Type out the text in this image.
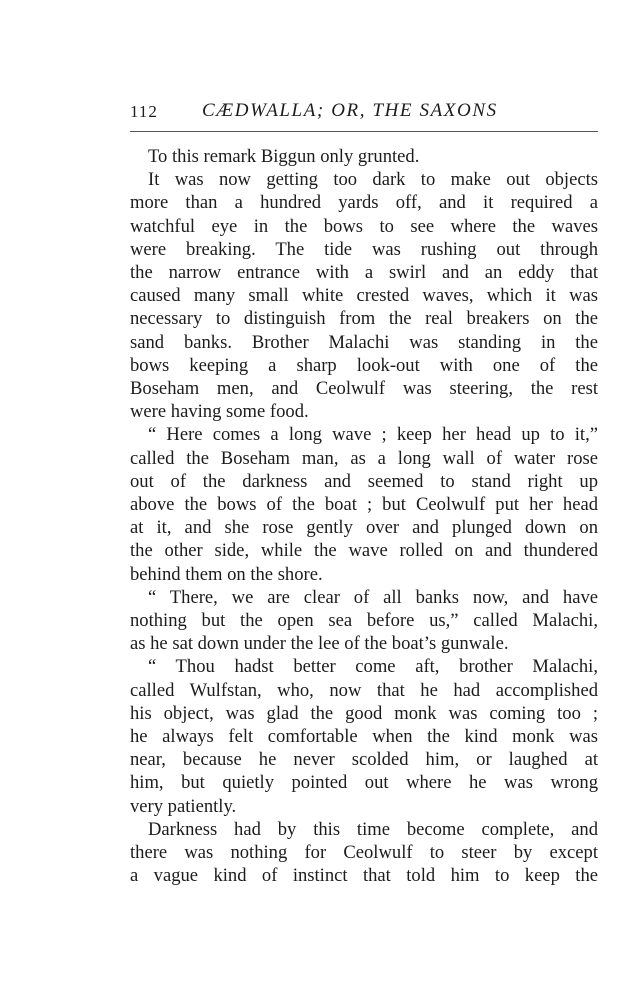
112 CÆDWALLA; OR, THE SAXONS

To this remark Biggun only grunted.

It was now getting too dark to make out objects
more than a hundred yards off, and it required a
watchful eye in the bows to see where the waves
were breaking. The tide was rushing out through
the narrow entrance with a swirl and an eddy that
caused many small white crested waves, which it was
necessary to distinguish from the real breakers on the
sand banks. Brother Malachi was standing in the
bows keeping a sharp look-out with one of the
Boseham men, and Ceolwulf was steering, the rest
were having some food.

“ Here comes a long wave ; keep her head up to it,”
called the Boseham man, as a long wall of water rose
out of the darkness and seemed to stand right up
above the bows of the boat ; but Ceolwulf put her head
at it, and she rose gently over and plunged down on
the other side, while the wave rolled on and thundered
behind them on the shore.

“ There, we are clear of all banks now, and have
nothing but the open sea before us,” called Malachi,
as he sat down under the lee of the boat’s gunwale.

“ Thou hadst better come aft, brother Malachi,
called Wulfstan, who, now that he had accomplished
his object, was glad the good monk was coming too ;
he always felt comfortable when the kind monk was
near, because he never scolded him, or laughed at
him, but quietly pointed out where he was wrong
very patiently.

Darkness had by this time become complete, and
there was nothing for Ceolwulf to steer by except
a vague kind of instinct that told him to keep the
